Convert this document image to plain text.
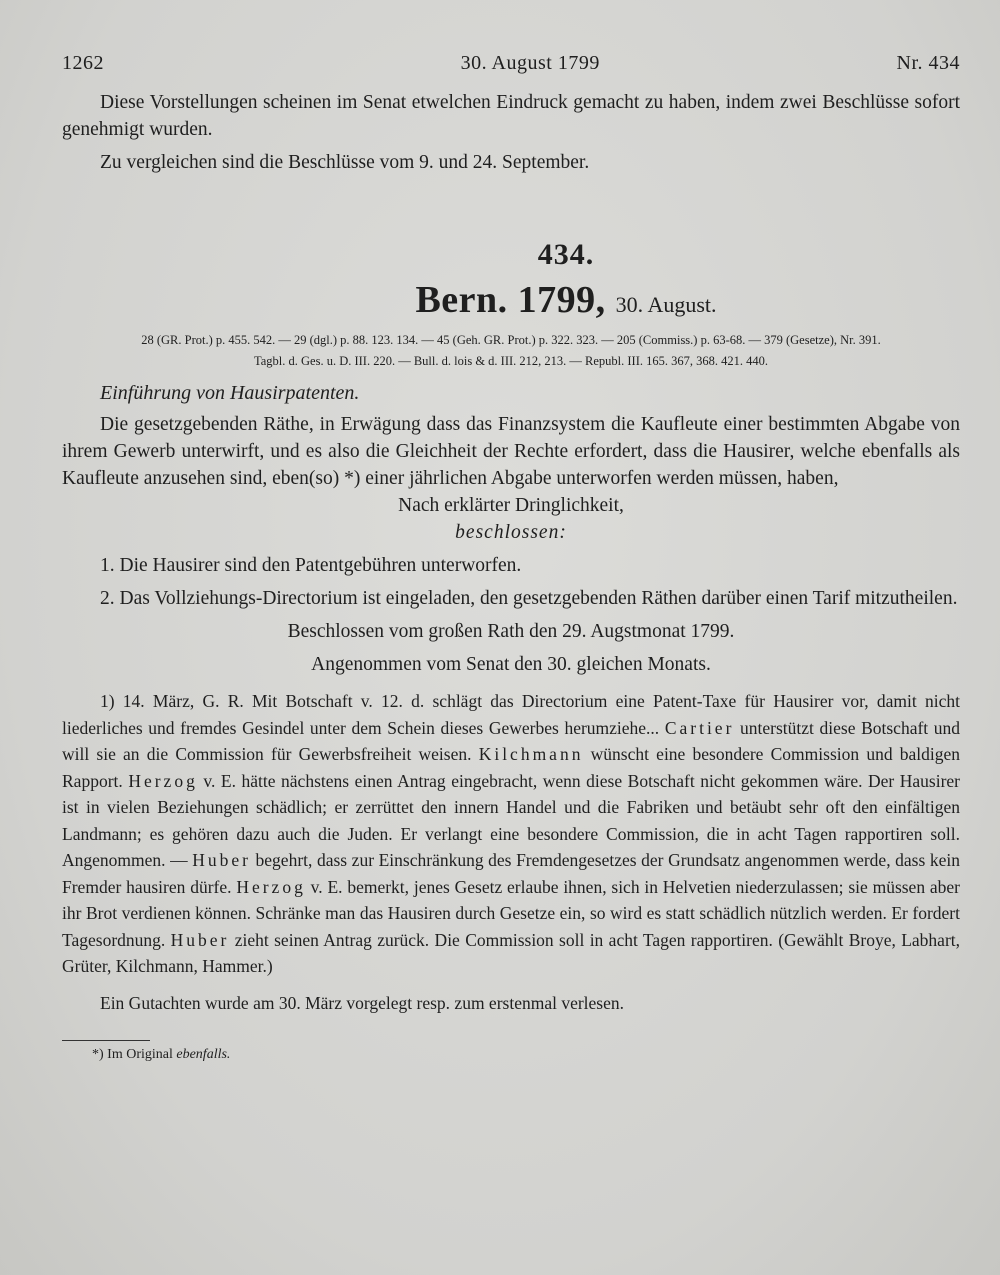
1262	30. August 1799	Nr. 434

Diese Vorstellungen scheinen im Senat etwelchen Eindruck gemacht zu haben, indem zwei Beschlüsse sofort genehmigt wurden.

Zu vergleichen sind die Beschlüsse vom 9. und 24. September.

434.
Bern. 1799, 30. August.
28 (GR. Prot.) p. 455. 542. — 29 (dgl.) p. 88. 123. 134. — 45 (Geh. GR. Prot.) p. 322. 323. — 205 (Commiss.) p. 63-68. — 379 (Gesetze), Nr. 391.
Tagbl. d. Ges. u. D. III. 220. — Bull. d. lois & d. III. 212, 213. — Republ. III. 165. 367, 368. 421. 440.

Einführung von Hausirpatenten.

Die gesetzgebenden Räthe, in Erwägung dass das Finanzsystem die Kaufleute einer bestimmten Abgabe von ihrem Gewerb unterwirft, und es also die Gleichheit der Rechte erfordert, dass die Hausirer, welche ebenfalls als Kaufleute anzusehen sind, eben(so) *) einer jährlichen Abgabe unterworfen werden müssen, haben,

Nach erklärter Dringlichkeit,

beschlossen:

1. Die Hausirer sind den Patentgebühren unterworfen.

2. Das Vollziehungs-Directorium ist eingeladen, den gesetzgebenden Räthen darüber einen Tarif mitzutheilen.

Beschlossen vom großen Rath den 29. Augstmonat 1799.

Angenommen vom Senat den 30. gleichen Monats.

1) 14. März, G. R. Mit Botschaft v. 12. d. schlägt das Directorium eine Patent-Taxe für Hausirer vor, damit nicht liederliches und fremdes Gesindel unter dem Schein dieses Gewerbes herumziehe... Cartier unterstützt diese Botschaft und will sie an die Commission für Gewerbsfreiheit weisen. Kilchmann wünscht eine besondere Commission und baldigen Rapport. Herzog v. E. hätte nächstens einen Antrag eingebracht, wenn diese Botschaft nicht gekommen wäre. Der Hausirer ist in vielen Beziehungen schädlich; er zerrüttet den innern Handel und die Fabriken und betäubt sehr oft den einfältigen Landmann; es gehören dazu auch die Juden. Er verlangt eine besondere Commission, die in acht Tagen rapportiren soll. Angenommen. — Huber begehrt, dass zur Einschränkung des Fremdengesetzes der Grundsatz angenommen werde, dass kein Fremder hausiren dürfe. Herzog v. E. bemerkt, jenes Gesetz erlaube ihnen, sich in Helvetien niederzulassen; sie müssen aber ihr Brot verdienen können. Schränke man das Hausiren durch Gesetze ein, so wird es statt schädlich nützlich werden. Er fordert Tagesordnung. Huber zieht seinen Antrag zurück. Die Commission soll in acht Tagen rapportiren. (Gewählt Broye, Labhart, Grüter, Kilchmann, Hammer.)

Ein Gutachten wurde am 30. März vorgelegt resp. zum erstenmal verlesen.

*) Im Original ebenfalls.
